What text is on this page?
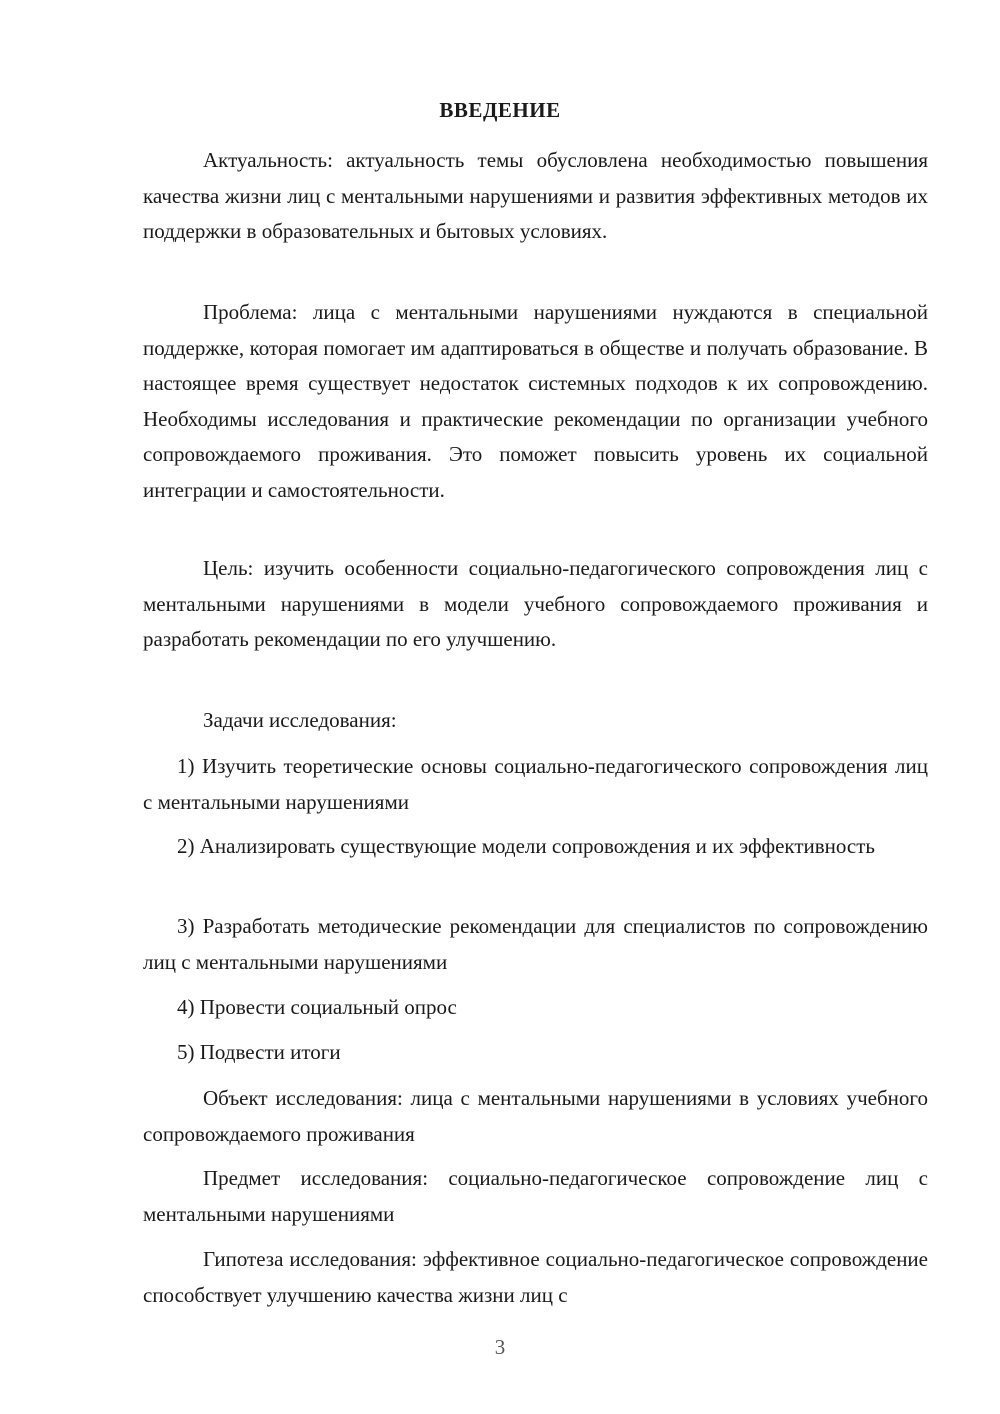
ВВЕДЕНИЕ

Актуальность: актуальность темы обусловлена необходимостью повышения качества жизни лиц с ментальными нарушениями и развития эффективных методов их поддержки в образовательных и бытовых условиях.

Проблема: лица с ментальными нарушениями нуждаются в специальной поддержке, которая помогает им адаптироваться в обществе и получать образование. В настоящее время существует недостаток системных подходов к их сопровождению. Необходимы исследования и практические рекомендации по организации учебного сопровождаемого проживания. Это поможет повысить уровень их социальной интеграции и самостоятельности.

Цель: изучить особенности социально-педагогического сопровождения лиц с ментальными нарушениями в модели учебного сопровождаемого проживания и разработать рекомендации по его улучшению.

Задачи исследования:

1) Изучить теоретические основы социально-педагогического сопровождения лиц с ментальными нарушениями

2) Анализировать существующие модели сопровождения и их эффективность

3) Разработать методические рекомендации для специалистов по сопровождению лиц с ментальными нарушениями

4) Провести социальный опрос

5) Подвести итоги

Объект исследования: лица с ментальными нарушениями в условиях учебного сопровождаемого проживания

Предмет исследования: социально-педагогическое сопровождение лиц с ментальными нарушениями

Гипотеза исследования: эффективное социально-педагогическое сопровождение способствует улучшению качества жизни лиц с

3
